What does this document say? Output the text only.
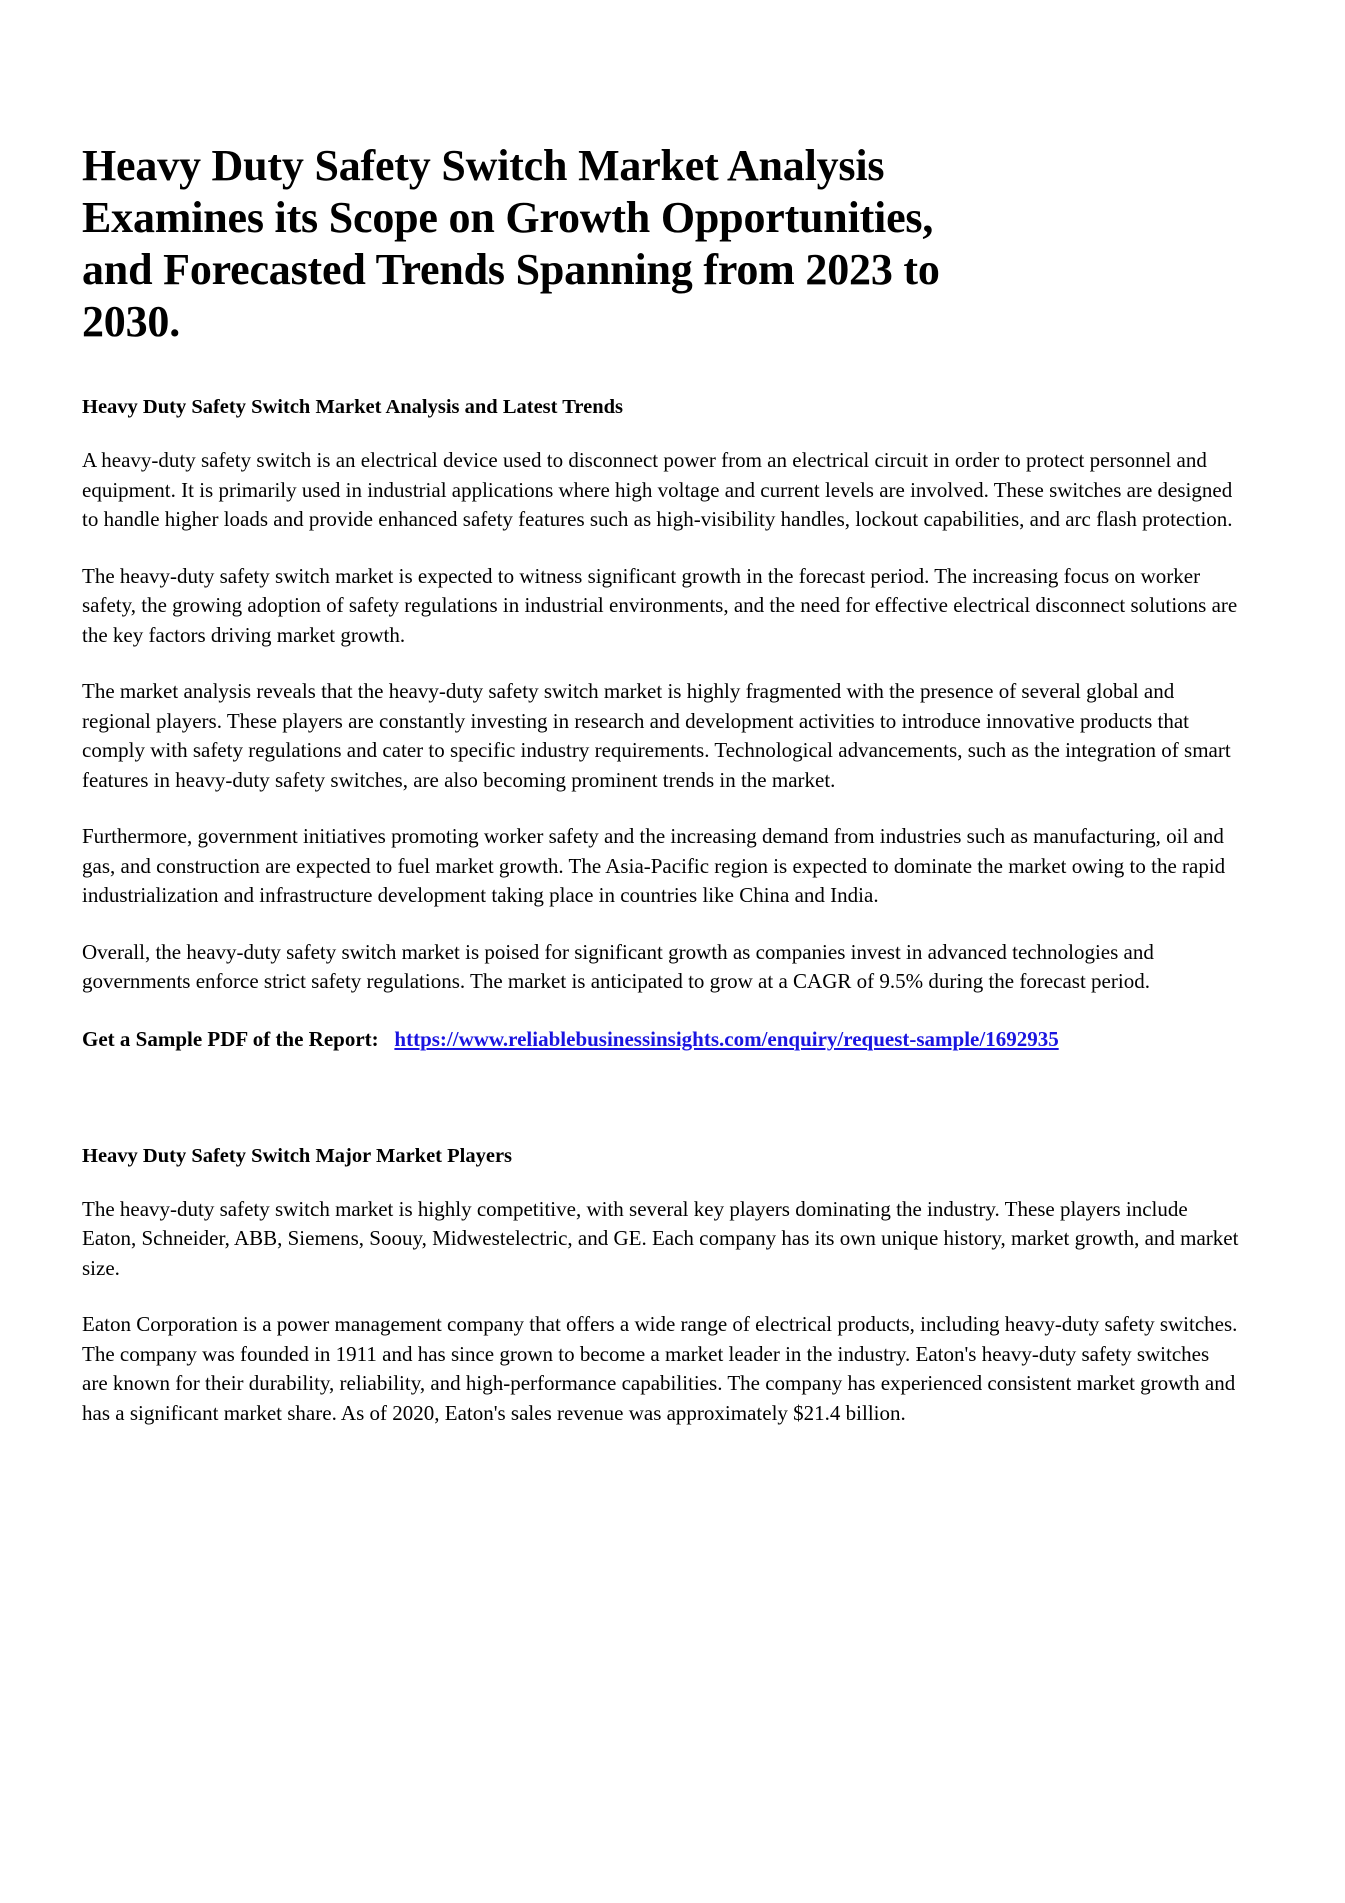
Heavy Duty Safety Switch Market Analysis Examines its Scope on Growth Opportunities, and Forecasted Trends Spanning from 2023 to 2030.
Heavy Duty Safety Switch Market Analysis and Latest Trends

A heavy-duty safety switch is an electrical device used to disconnect power from an electrical circuit in order to protect personnel and equipment. It is primarily used in industrial applications where high voltage and current levels are involved. These switches are designed to handle higher loads and provide enhanced safety features such as high-visibility handles, lockout capabilities, and arc flash protection.

The heavy-duty safety switch market is expected to witness significant growth in the forecast period. The increasing focus on worker safety, the growing adoption of safety regulations in industrial environments, and the need for effective electrical disconnect solutions are the key factors driving market growth.

The market analysis reveals that the heavy-duty safety switch market is highly fragmented with the presence of several global and regional players. These players are constantly investing in research and development activities to introduce innovative products that comply with safety regulations and cater to specific industry requirements. Technological advancements, such as the integration of smart features in heavy-duty safety switches, are also becoming prominent trends in the market.

Furthermore, government initiatives promoting worker safety and the increasing demand from industries such as manufacturing, oil and gas, and construction are expected to fuel market growth. The Asia-Pacific region is expected to dominate the market owing to the rapid industrialization and infrastructure development taking place in countries like China and India.

Overall, the heavy-duty safety switch market is poised for significant growth as companies invest in advanced technologies and governments enforce strict safety regulations. The market is anticipated to grow at a CAGR of 9.5% during the forecast period.

Get a Sample PDF of the Report: https://www.reliablebusinessinsights.com/enquiry/request-sample/1692935
Heavy Duty Safety Switch Major Market Players

The heavy-duty safety switch market is highly competitive, with several key players dominating the industry. These players include Eaton, Schneider, ABB, Siemens, Soouy, Midwestelectric, and GE. Each company has its own unique history, market growth, and market size.

Eaton Corporation is a power management company that offers a wide range of electrical products, including heavy-duty safety switches. The company was founded in 1911 and has since grown to become a market leader in the industry. Eaton's heavy-duty safety switches are known for their durability, reliability, and high-performance capabilities. The company has experienced consistent market growth and has a significant market share. As of 2020, Eaton's sales revenue was approximately $21.4 billion.
